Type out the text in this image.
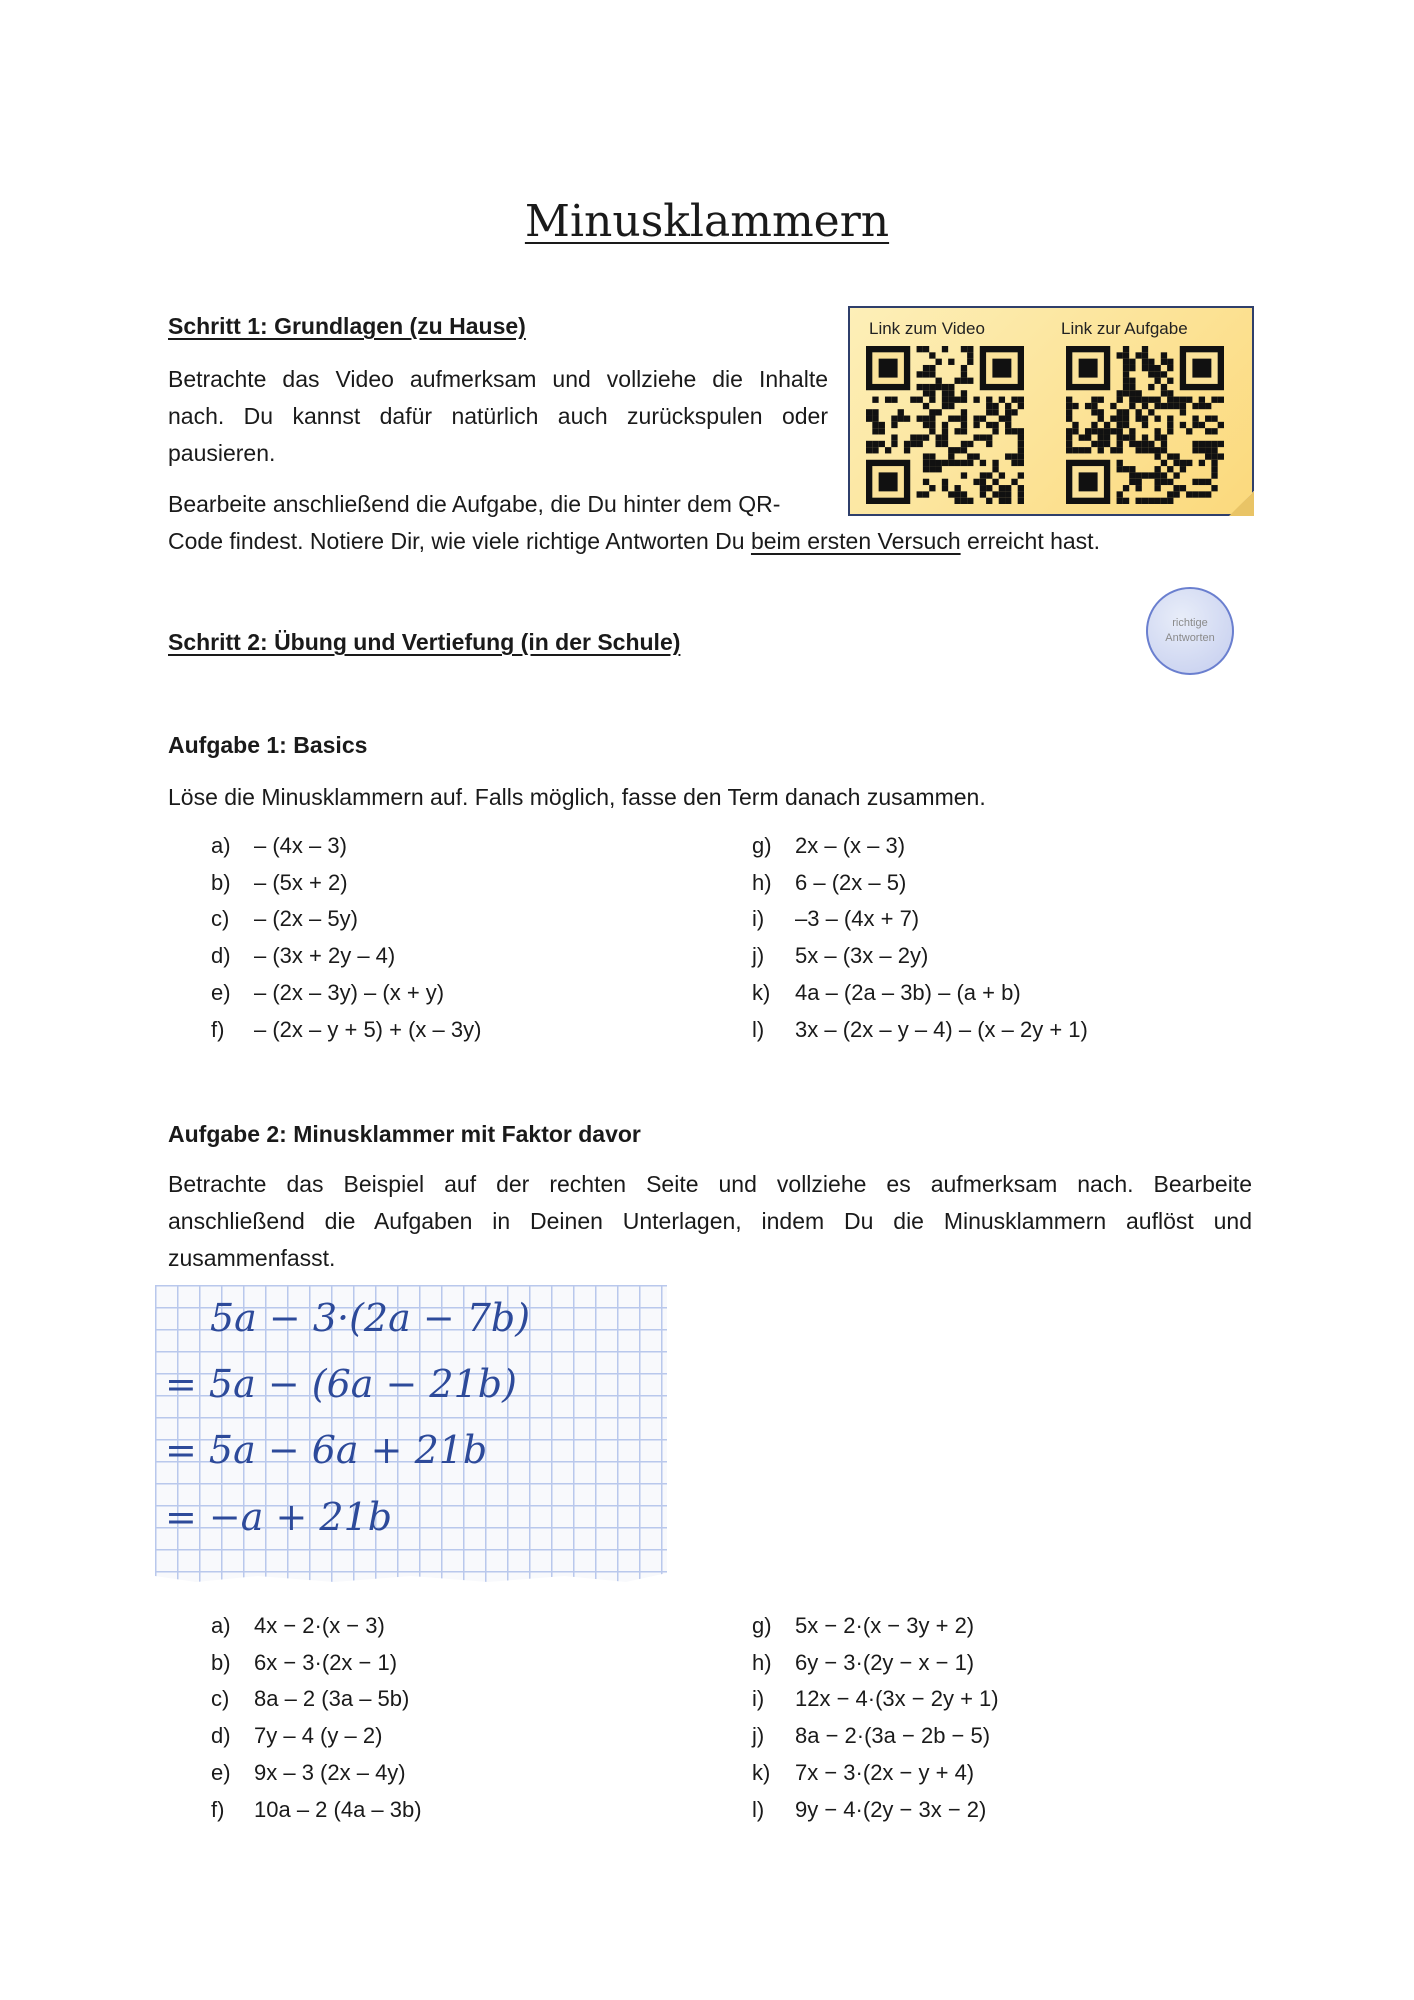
Minusklammern
Schritt 1: Grundlagen (zu Hause)
Betrachte das Video aufmerksam und vollziehe die Inhalte
nach. Du kannst dafür natürlich auch zurückspulen oder
pausieren.
Bearbeite anschließend die Aufgabe, die Du hinter dem QR-
Code findest. Notiere Dir, wie viele richtige Antworten Du beim ersten Versuch erreicht hast.
Link zum Video	Link zur Aufgabe
richtige
Antworten
Schritt 2: Übung und Vertiefung (in der Schule)
Aufgabe 1: Basics
Löse die Minusklammern auf. Falls möglich, fasse den Term danach zusammen.
a) – (4x – 3)
b) – (5x + 2)
c) – (2x – 5y)
d) – (3x + 2y – 4)
e) – (2x – 3y) – (x + y)
f) – (2x – y + 5) + (x – 3y)
g) 2x – (x – 3)
h) 6 – (2x – 5)
i) –3 – (4x + 7)
j) 5x – (3x – 2y)
k) 4a – (2a – 3b) – (a + b)
l) 3x – (2x – y – 4) – (x – 2y + 1)
Aufgabe 2: Minusklammer mit Faktor davor
Betrachte das Beispiel auf der rechten Seite und vollziehe es aufmerksam nach. Bearbeite
anschließend die Aufgaben in Deinen Unterlagen, indem Du die Minusklammern auflöst und
zusammenfasst.
5a − 3·(2a − 7b)
= 5a − (6a − 21b)
= 5a − 6a + 21b
= −a + 21b
a) 4x − 2·(x − 3)
b) 6x − 3·(2x − 1)
c) 8a – 2 (3a – 5b)
d) 7y – 4 (y – 2)
e) 9x – 3 (2x – 4y)
f) 10a – 2 (4a – 3b)
g) 5x − 2·(x − 3y + 2)
h) 6y − 3·(2y − x − 1)
i) 12x − 4·(3x − 2y + 1)
j) 8a − 2·(3a − 2b − 5)
k) 7x − 3·(2x − y + 4)
l) 9y − 4·(2y − 3x − 2)
